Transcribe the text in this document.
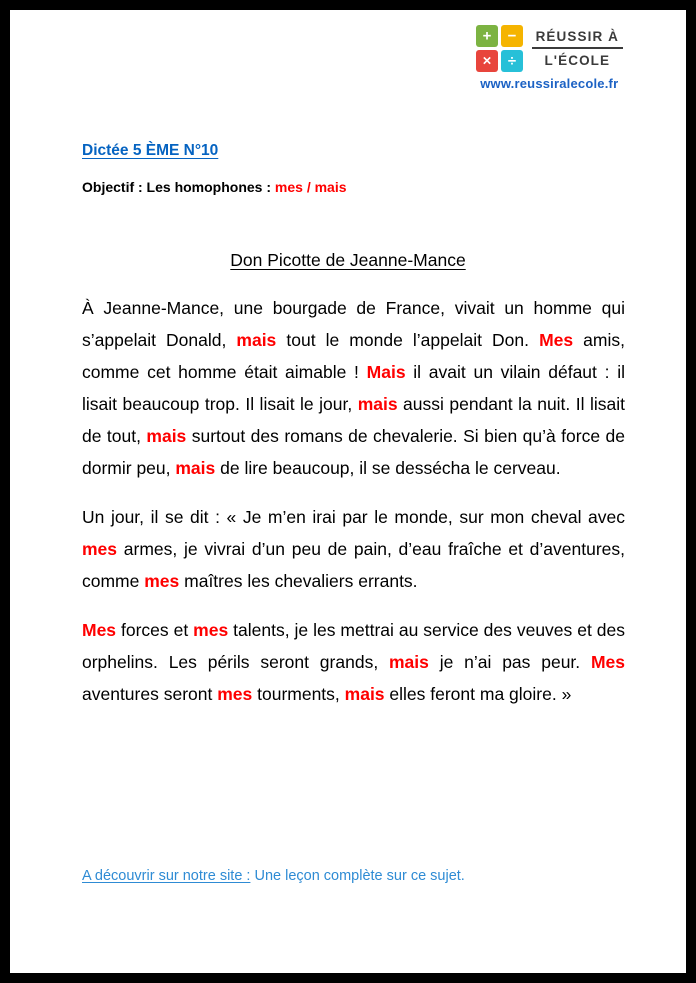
+ −
× ÷
RÉUSSIR À
L'ÉCOLE
www.reussiralecole.fr
Dictée 5 ÈME N°10
Objectif : Les homophones : mes / mais
Don Picotte de Jeanne-Mance

À Jeanne-Mance, une bourgade de France, vivait un homme qui s’appelait Donald, mais tout le monde l’appelait Don. Mes amis, comme cet homme était aimable ! Mais il avait un vilain défaut : il lisait beaucoup trop. Il lisait le jour, mais aussi pendant la nuit. Il lisait de tout, mais surtout des romans de chevalerie. Si bien qu’à force de dormir peu, mais de lire beaucoup, il se dessécha le cerveau.

Un jour, il se dit : « Je m’en irai par le monde, sur mon cheval avec mes armes, je vivrai d’un peu de pain, d’eau fraîche et d’aventures, comme mes maîtres les chevaliers errants.

Mes forces et mes talents, je les mettrai au service des veuves et des orphelins. Les périls seront grands, mais je n’ai pas peur. Mes aventures seront mes tourments, mais elles feront ma gloire. »

A découvrir sur notre site : Une leçon complète sur ce sujet.
